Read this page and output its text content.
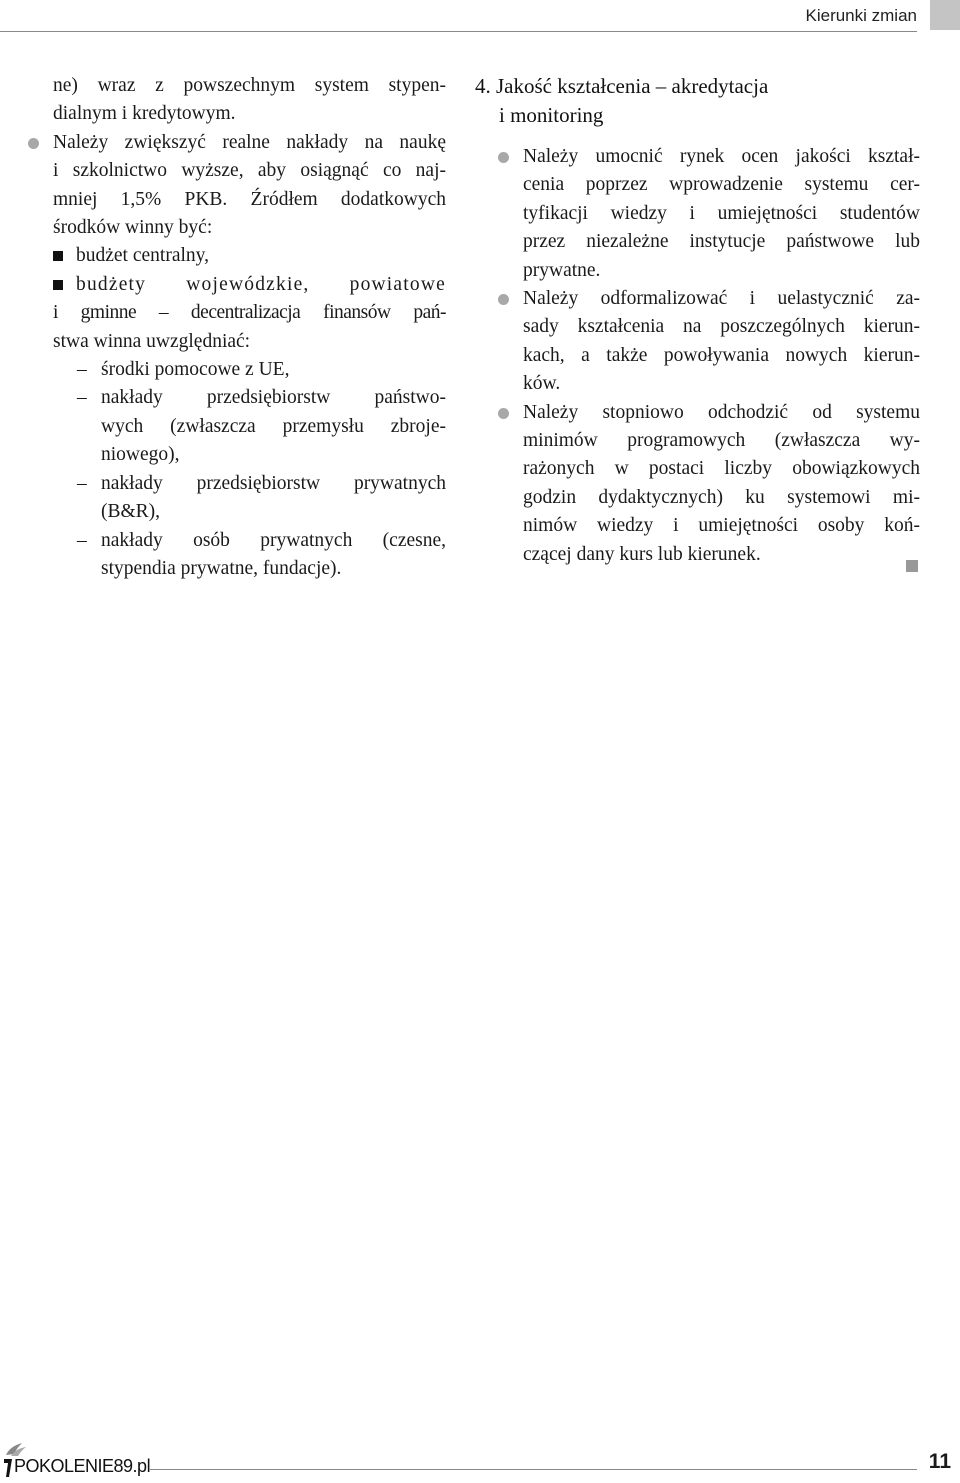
Kierunki zmian

ne) wraz z powszechnym system stypen-

dialnym i kredytowym.

Należy zwiększyć realne nakłady na naukę

i szkolnictwo wyższe, aby osiągnąć co naj-

mniej 1,5% PKB. Źródłem dodatkowych

środków winny być:

budżet centralny,

budżety wojewódzkie, powiatowe

i gminne – decentralizacja finansów pań-

stwa winna uwzględniać:

– środki pomocowe z UE,

– nakłady przedsiębiorstw państwo-

wych (zwłaszcza przemysłu zbroje-

niowego),

– nakłady przedsiębiorstw prywatnych

(B&R),

– nakłady osób prywatnych (czesne,

stypendia prywatne, fundacje).

4. Jakość kształcenia – akredytacja
i monitoring

Należy umocnić rynek ocen jakości kształ-

cenia poprzez wprowadzenie systemu cer-

tyfikacji wiedzy i umiejętności studentów

przez niezależne instytucje państwowe lub

prywatne.

Należy odformalizować i uelastycznić za-

sady kształcenia na poszczególnych kierun-

kach, a także powoływania nowych kierun-

ków.

Należy stopniowo odchodzić od systemu

minimów programowych (zwłaszcza wy-

rażonych w postaci liczby obowiązkowych

godzin dydaktycznych) ku systemowi mi-

nimów wiedzy i umiejętności osoby koń-

czącej dany kurs lub kierunek.

POKOLENIE89.pl	11
